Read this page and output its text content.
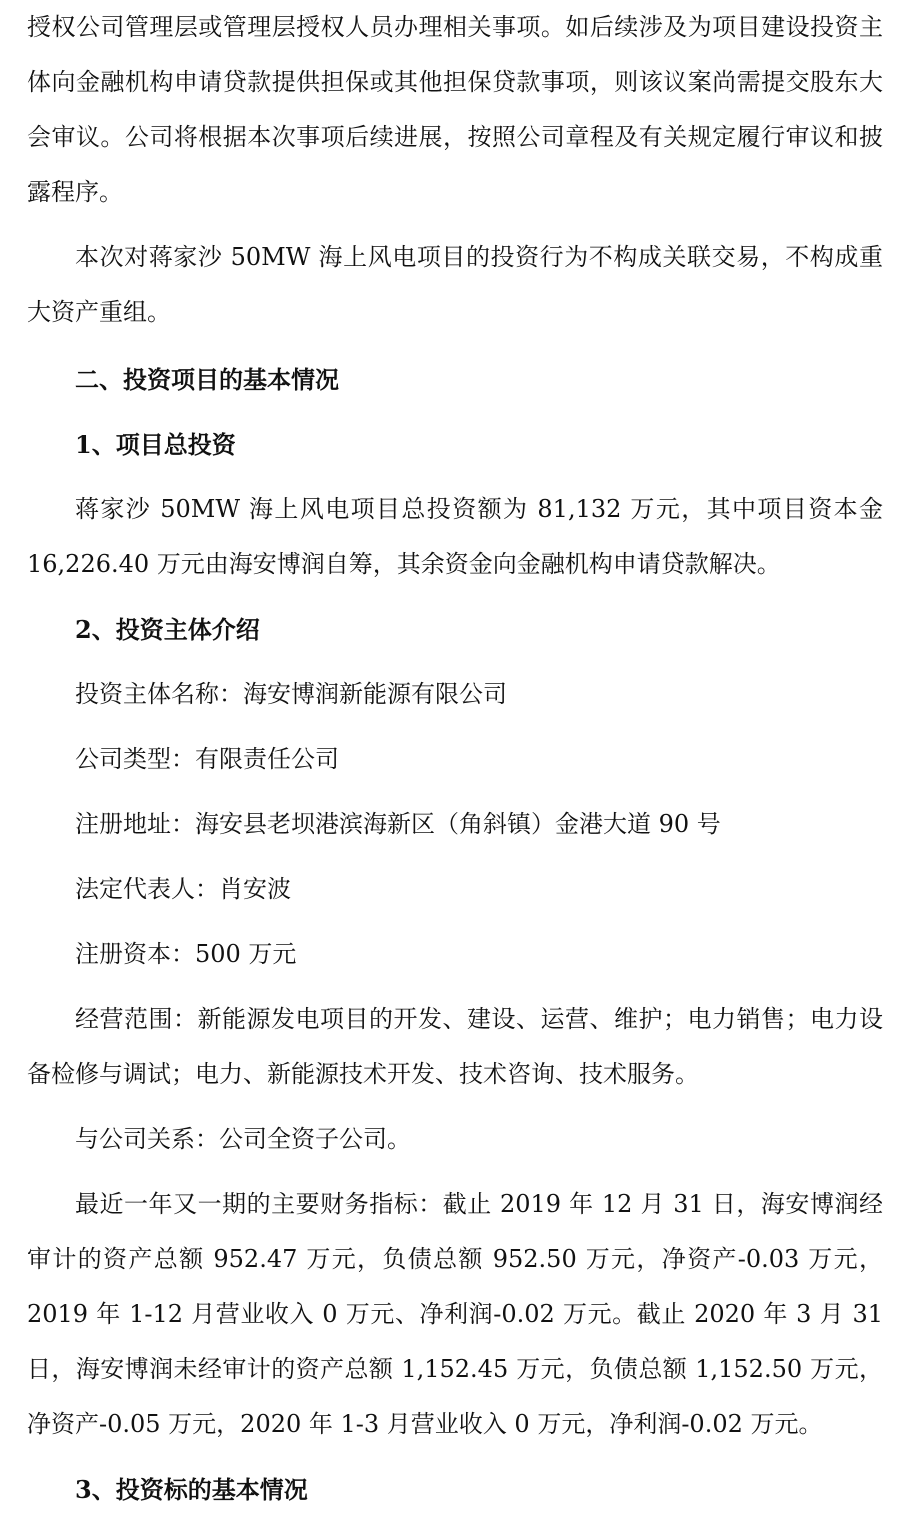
授权公司管理层或管理层授权人员办理相关事项。如后续涉及为项目建设投资主体向金融机构申请贷款提供担保或其他担保贷款事项，则该议案尚需提交股东大会审议。公司将根据本次事项后续进展，按照公司章程及有关规定履行审议和披露程序。

本次对蒋家沙 50MW 海上风电项目的投资行为不构成关联交易，不构成重大资产重组。

二、投资项目的基本情况

1、项目总投资

蒋家沙 50MW 海上风电项目总投资额为 81,132 万元，其中项目资本金 16,226.40 万元由海安博润自筹，其余资金向金融机构申请贷款解决。

2、投资主体介绍

投资主体名称：海安博润新能源有限公司

公司类型：有限责任公司

注册地址：海安县老坝港滨海新区（角斜镇）金港大道 90 号

法定代表人：肖安波

注册资本：500 万元

经营范围：新能源发电项目的开发、建设、运营、维护；电力销售；电力设备检修与调试；电力、新能源技术开发、技术咨询、技术服务。

与公司关系：公司全资子公司。

最近一年又一期的主要财务指标：截止 2019 年 12 月 31 日，海安博润经审计的资产总额 952.47 万元，负债总额 952.50 万元，净资产-0.03 万元，2019 年 1-12 月营业收入 0 万元、净利润-0.02 万元。截止 2020 年 3 月 31 日，海安博润未经审计的资产总额 1,152.45 万元，负债总额 1,152.50 万元，净资产-0.05 万元，2020 年 1-3 月营业收入 0 万元，净利润-0.02 万元。

3、投资标的基本情况
